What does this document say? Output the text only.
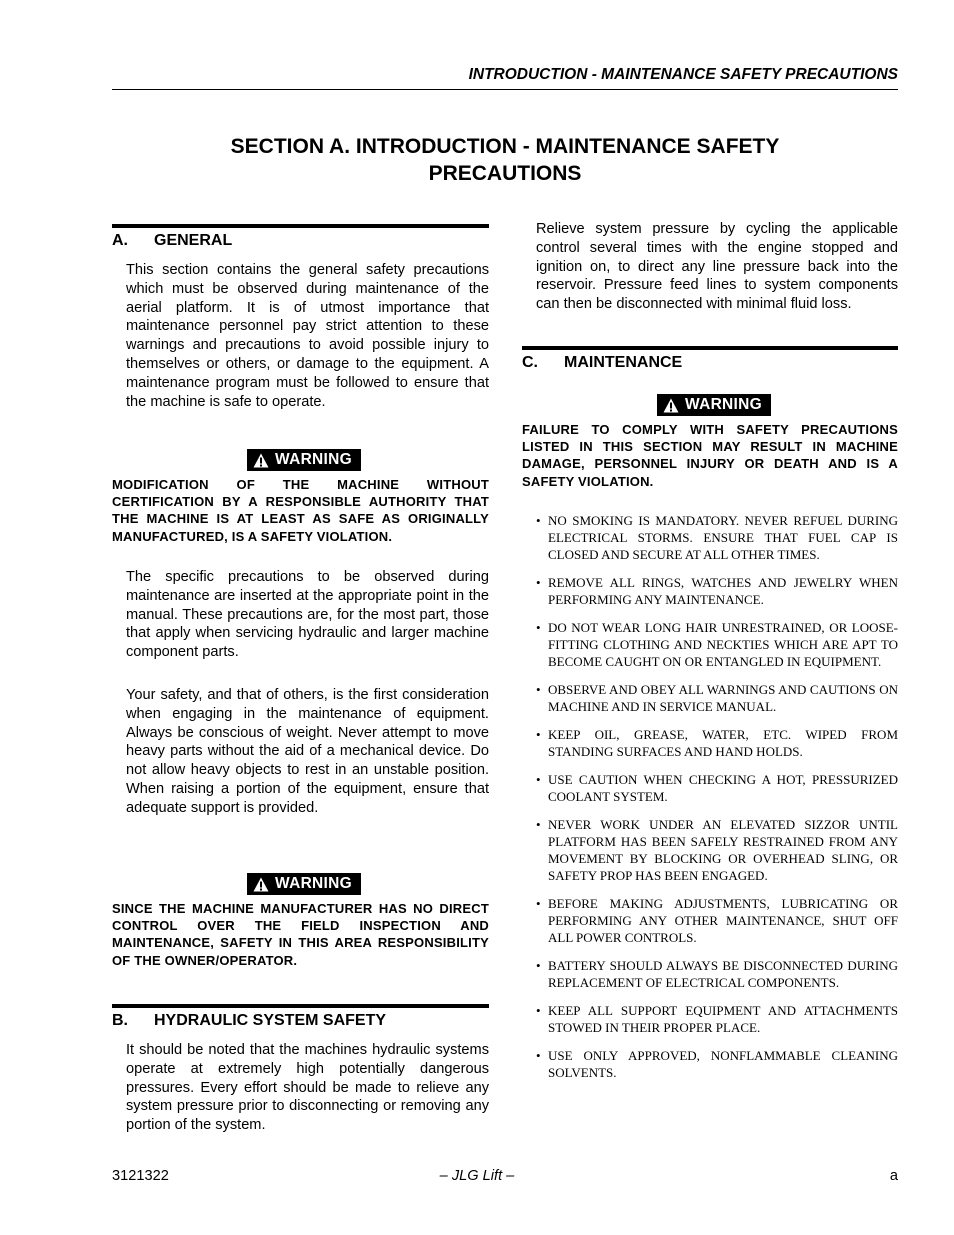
INTRODUCTION - MAINTENANCE SAFETY PRECAUTIONS
SECTION A. INTRODUCTION - MAINTENANCE SAFETY
PRECAUTIONS
A.	GENERAL

This section contains the general safety precautions which must be observed during maintenance of the aerial platform. It is of utmost importance that maintenance personnel pay strict attention to these warnings and precautions to avoid possible injury to themselves or others, or damage to the equipment. A maintenance program must be followed to ensure that the machine is safe to operate.

WARNING

MODIFICATION OF THE MACHINE WITHOUT CERTIFICATION BY A RESPONSIBLE AUTHORITY THAT THE MACHINE IS AT LEAST AS SAFE AS ORIGINALLY MANUFACTURED, IS A SAFETY VIOLATION.

The specific precautions to be observed during maintenance are inserted at the appropriate point in the manual. These precautions are, for the most part, those that apply when servicing hydraulic and larger machine component parts.

Your safety, and that of others, is the first consideration when engaging in the maintenance of equipment. Always be conscious of weight. Never attempt to move heavy parts without the aid of a mechanical device. Do not allow heavy objects to rest in an unstable position. When raising a portion of the equipment, ensure that adequate support is provided.

WARNING

SINCE THE MACHINE MANUFACTURER HAS NO DIRECT CONTROL OVER THE FIELD INSPECTION AND MAINTENANCE, SAFETY IN THIS AREA RESPONSIBILITY OF THE OWNER/OPERATOR.

B.	HYDRAULIC SYSTEM SAFETY

It should be noted that the machines hydraulic systems operate at extremely high potentially dangerous pressures. Every effort should be made to relieve any system pressure prior to disconnecting or removing any portion of the system.

Relieve system pressure by cycling the applicable control several times with the engine stopped and ignition on, to direct any line pressure back into the reservoir. Pressure feed lines to system components can then be disconnected with minimal fluid loss.

C.	MAINTENANCE
WARNING

FAILURE TO COMPLY WITH SAFETY PRECAUTIONS LISTED IN THIS SECTION MAY RESULT IN MACHINE DAMAGE, PERSONNEL INJURY OR DEATH AND IS A SAFETY VIOLATION.

• NO SMOKING IS MANDATORY. NEVER REFUEL DURING ELECTRICAL STORMS. ENSURE THAT FUEL CAP IS CLOSED AND SECURE AT ALL OTHER TIMES.
• REMOVE ALL RINGS, WATCHES AND JEWELRY WHEN PERFORMING ANY MAINTENANCE.
• DO NOT WEAR LONG HAIR UNRESTRAINED, OR LOOSE-FITTING CLOTHING AND NECKTIES WHICH ARE APT TO BECOME CAUGHT ON OR ENTANGLED IN EQUIPMENT.
• OBSERVE AND OBEY ALL WARNINGS AND CAUTIONS ON MACHINE AND IN SERVICE MANUAL.
• KEEP OIL, GREASE, WATER, ETC. WIPED FROM STANDING SURFACES AND HAND HOLDS.
• USE CAUTION WHEN CHECKING A HOT, PRESSURIZED COOLANT SYSTEM.
• NEVER WORK UNDER AN ELEVATED SIZZOR UNTIL PLATFORM HAS BEEN SAFELY RESTRAINED FROM ANY MOVEMENT BY BLOCKING OR OVERHEAD SLING, OR SAFETY PROP HAS BEEN ENGAGED.
• BEFORE MAKING ADJUSTMENTS, LUBRICATING OR PERFORMING ANY OTHER MAINTENANCE, SHUT OFF ALL POWER CONTROLS.
• BATTERY SHOULD ALWAYS BE DISCONNECTED DURING REPLACEMENT OF ELECTRICAL COMPONENTS.
• KEEP ALL SUPPORT EQUIPMENT AND ATTACHMENTS STOWED IN THEIR PROPER PLACE.
• USE ONLY APPROVED, NONFLAMMABLE CLEANING SOLVENTS.
3121322	– JLG Lift –	a
